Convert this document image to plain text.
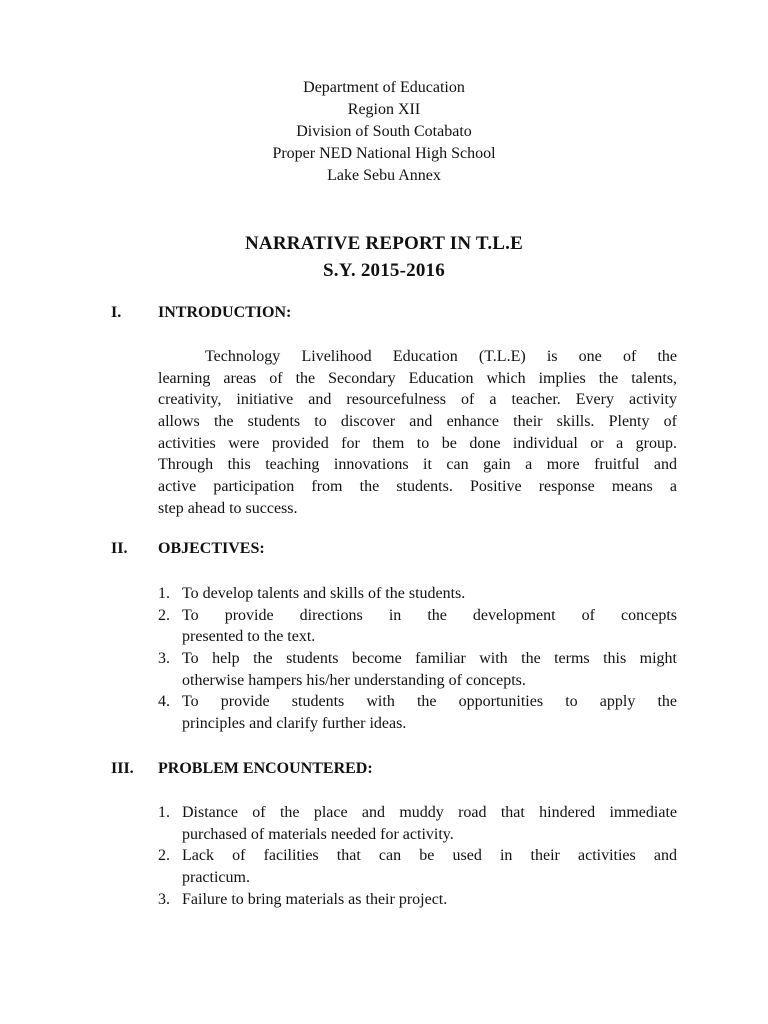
Department of Education
Region XII
Division of South Cotabato
Proper NED National High School
Lake Sebu Annex
NARRATIVE REPORT IN T.L.E
S.Y. 2015-2016
I. INTRODUCTION:
Technology Livelihood Education (T.L.E) is one of the
learning areas of the Secondary Education which implies the talents,
creativity, initiative and resourcefulness of a teacher. Every activity
allows the students to discover and enhance their skills. Plenty of
activities were provided for them to be done individual or a group.
Through this teaching innovations it can gain a more fruitful and
active participation from the students. Positive response means a
step ahead to success.
II. OBJECTIVES:
1. To develop talents and skills of the students.
2. To provide directions in the development of concepts
presented to the text.
3. To help the students become familiar with the terms this might
otherwise hampers his/her understanding of concepts.
4. To provide students with the opportunities to apply the
principles and clarify further ideas.
III. PROBLEM ENCOUNTERED:
1. Distance of the place and muddy road that hindered immediate
purchased of materials needed for activity.
2. Lack of facilities that can be used in their activities and
practicum.
3. Failure to bring materials as their project.
